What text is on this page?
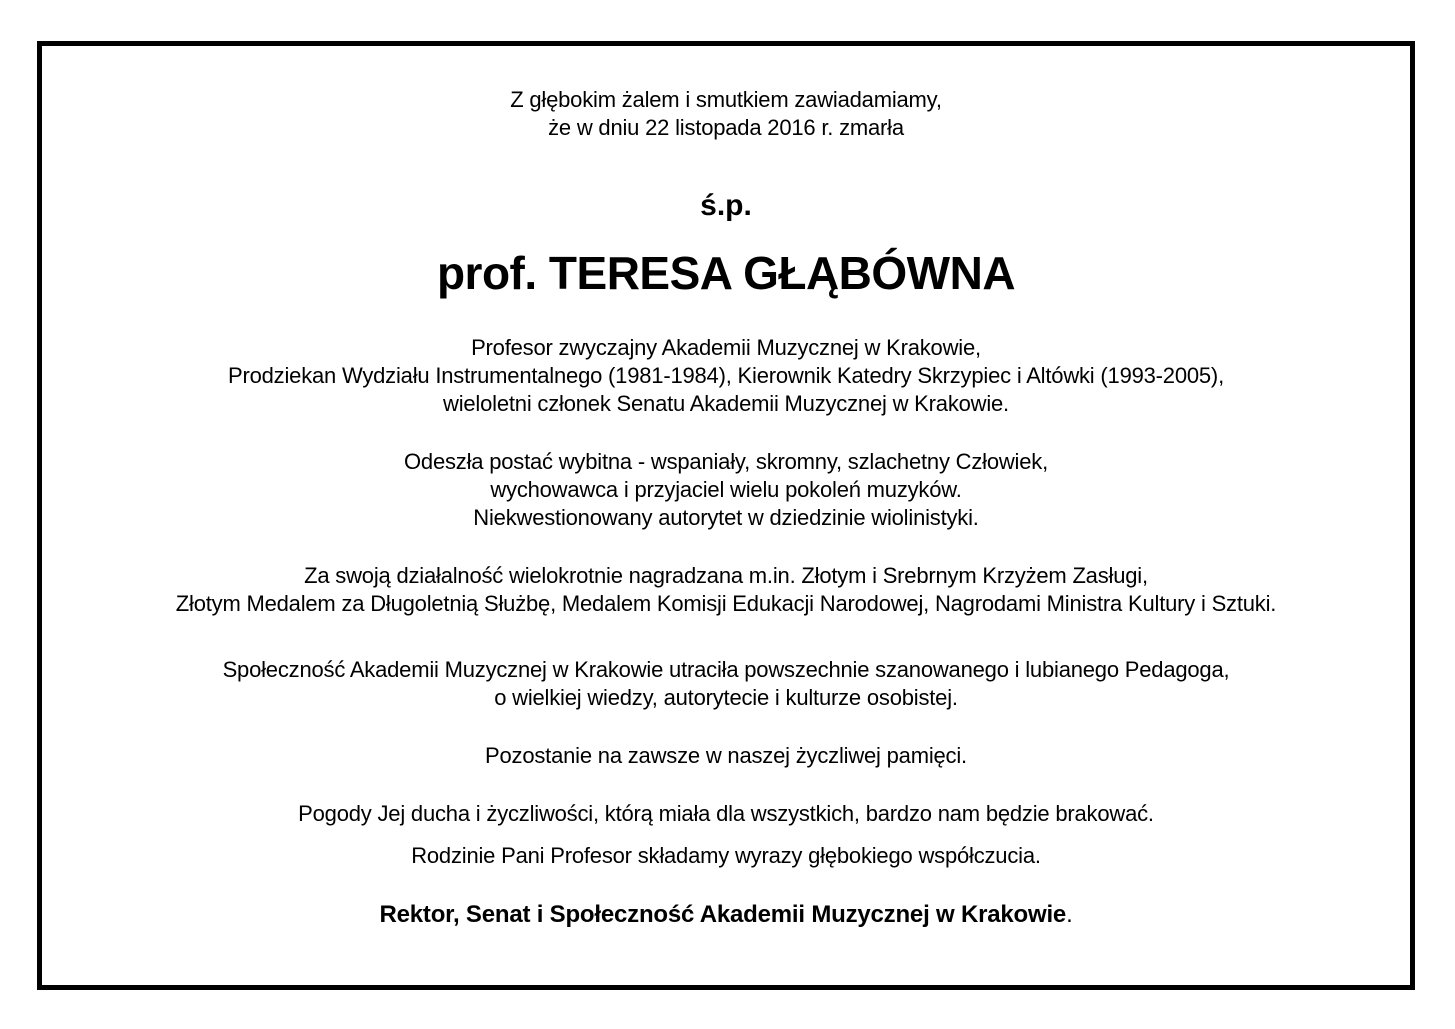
Z głębokim żalem i smutkiem zawiadamiamy,
że w dniu 22 listopada 2016 r. zmarła
ś.p.
prof. TERESA GŁĄBÓWNA
Profesor zwyczajny Akademii Muzycznej w Krakowie,
Prodziekan Wydziału Instrumentalnego (1981-1984), Kierownik Katedry Skrzypiec i Altówki (1993-2005),
wieloletni członek Senatu Akademii Muzycznej w Krakowie.
Odeszła postać wybitna - wspaniały, skromny, szlachetny Człowiek,
wychowawca i przyjaciel wielu pokoleń muzyków.
Niekwestionowany autorytet w dziedzinie wiolinistyki.
Za swoją działalność wielokrotnie nagradzana m.in. Złotym i Srebrnym Krzyżem Zasługi,
Złotym Medalem za Długoletnią Służbę, Medalem Komisji Edukacji Narodowej, Nagrodami Ministra Kultury i Sztuki.
Społeczność Akademii Muzycznej w Krakowie utraciła powszechnie szanowanego i lubianego Pedagoga,
o wielkiej wiedzy, autorytecie i kulturze osobistej.
Pozostanie na zawsze w naszej życzliwej pamięci.
Pogody Jej ducha i życzliwości, którą miała dla wszystkich, bardzo nam będzie brakować.
Rodzinie Pani Profesor składamy wyrazy głębokiego współczucia.
Rektor, Senat i Społeczność Akademii Muzycznej w Krakowie.
